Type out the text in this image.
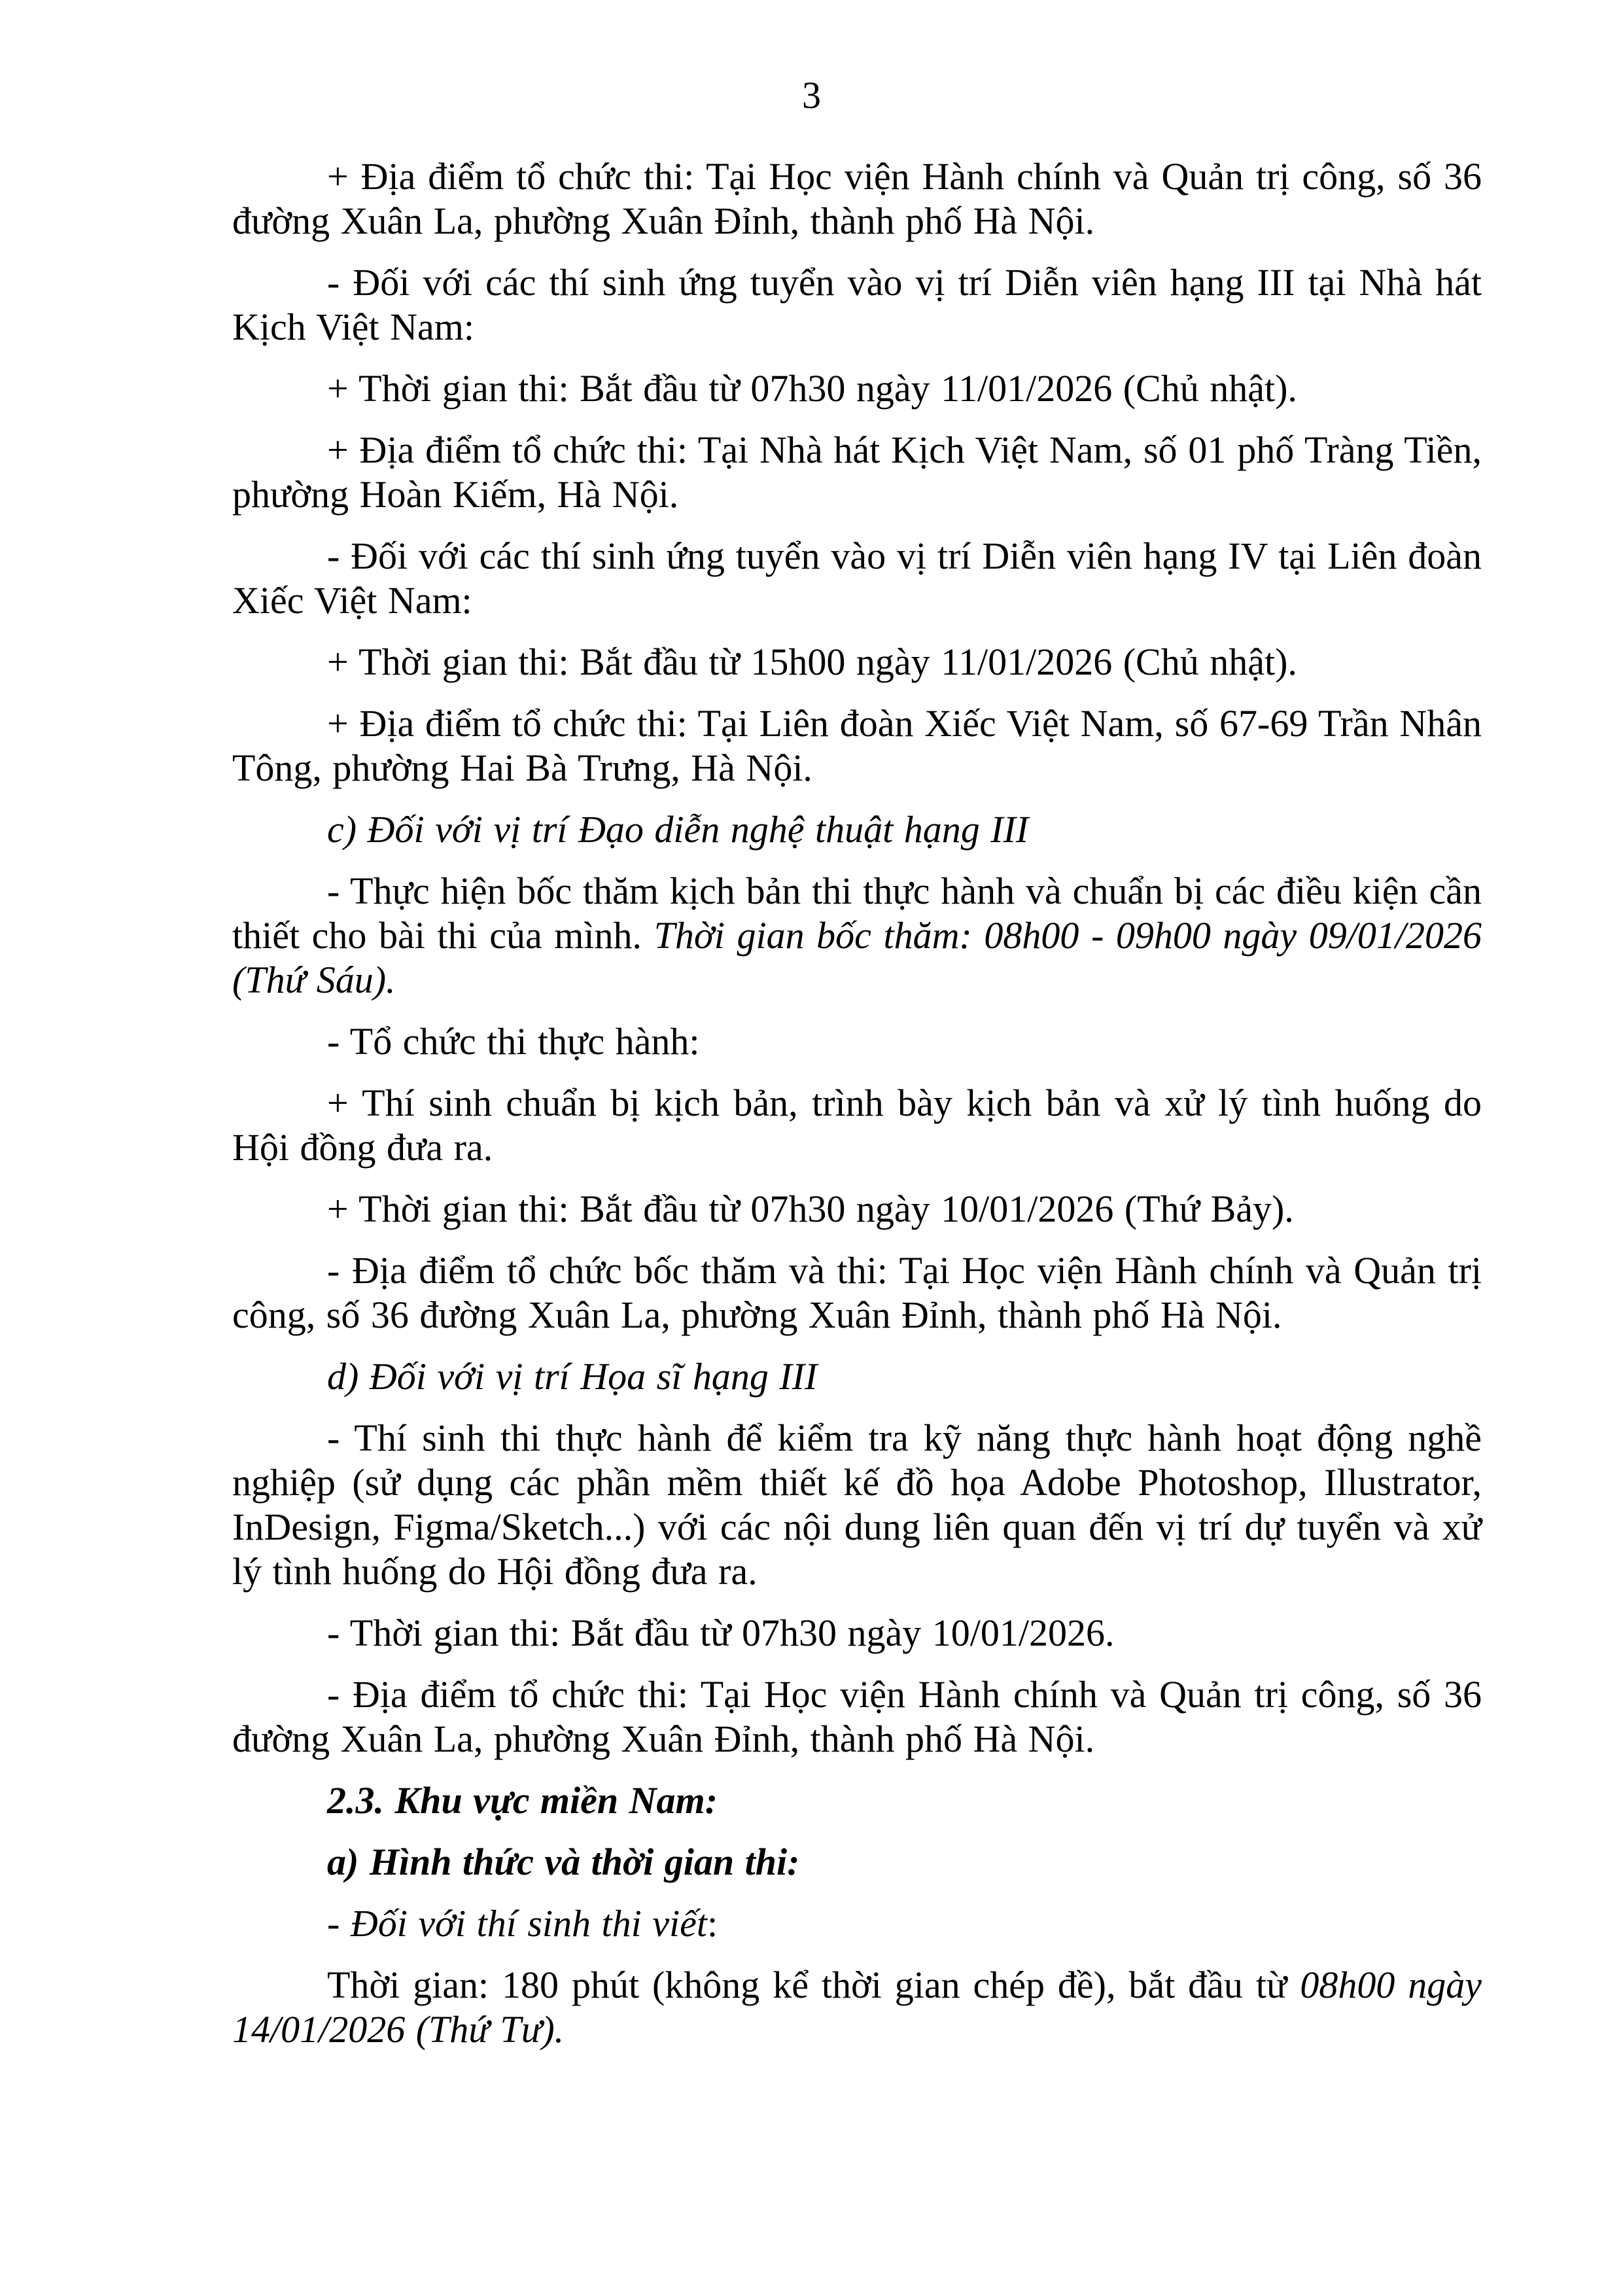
3

+ Địa điểm tổ chức thi: Tại Học viện Hành chính và Quản trị công, số 36 đường Xuân La, phường Xuân Đỉnh, thành phố Hà Nội.

- Đối với các thí sinh ứng tuyển vào vị trí Diễn viên hạng III tại Nhà hát Kịch Việt Nam:

+ Thời gian thi: Bắt đầu từ 07h30 ngày 11/01/2026 (Chủ nhật).

+ Địa điểm tổ chức thi: Tại Nhà hát Kịch Việt Nam, số 01 phố Tràng Tiền, phường Hoàn Kiếm, Hà Nội.

- Đối với các thí sinh ứng tuyển vào vị trí Diễn viên hạng IV tại Liên đoàn Xiếc Việt Nam:

+ Thời gian thi: Bắt đầu từ 15h00 ngày 11/01/2026 (Chủ nhật).

+ Địa điểm tổ chức thi: Tại Liên đoàn Xiếc Việt Nam, số 67-69 Trần Nhân Tông, phường Hai Bà Trưng, Hà Nội.

c) Đối với vị trí Đạo diễn nghệ thuật hạng III

- Thực hiện bốc thăm kịch bản thi thực hành và chuẩn bị các điều kiện cần thiết cho bài thi của mình. Thời gian bốc thăm: 08h00 - 09h00 ngày 09/01/2026 (Thứ Sáu).

- Tổ chức thi thực hành:

+ Thí sinh chuẩn bị kịch bản, trình bày kịch bản và xử lý tình huống do Hội đồng đưa ra.

+ Thời gian thi: Bắt đầu từ 07h30 ngày 10/01/2026 (Thứ Bảy).

- Địa điểm tổ chức bốc thăm và thi: Tại Học viện Hành chính và Quản trị công, số 36 đường Xuân La, phường Xuân Đỉnh, thành phố Hà Nội.

d) Đối với vị trí Họa sĩ hạng III

- Thí sinh thi thực hành để kiểm tra kỹ năng thực hành hoạt động nghề nghiệp (sử dụng các phần mềm thiết kế đồ họa Adobe Photoshop, Illustrator, InDesign, Figma/Sketch...) với các nội dung liên quan đến vị trí dự tuyển và xử lý tình huống do Hội đồng đưa ra.

- Thời gian thi: Bắt đầu từ 07h30 ngày 10/01/2026.

- Địa điểm tổ chức thi: Tại Học viện Hành chính và Quản trị công, số 36 đường Xuân La, phường Xuân Đỉnh, thành phố Hà Nội.

2.3. Khu vực miền Nam:

a) Hình thức và thời gian thi:

- Đối với thí sinh thi viết:

Thời gian: 180 phút (không kể thời gian chép đề), bắt đầu từ 08h00 ngày 14/01/2026 (Thứ Tư).
